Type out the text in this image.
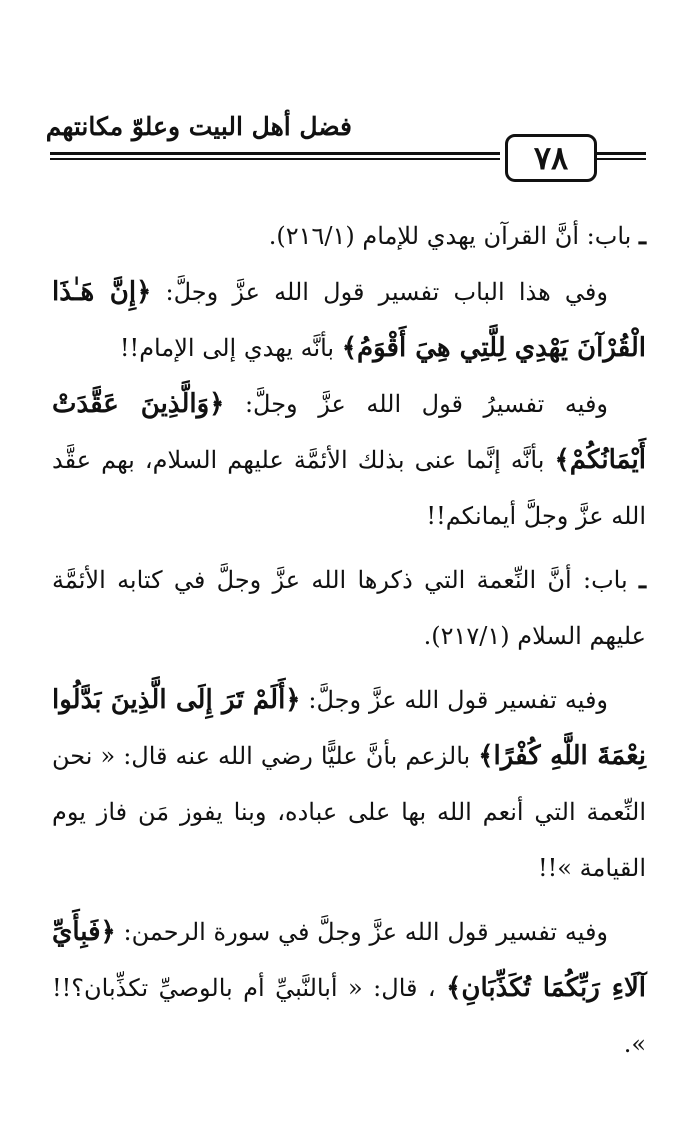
فضل أهل البيت وعلوّ مكانتهم
٧٨

ـ باب: أنَّ القرآن يهدي للإمام (٢١٦/١).

وفي هذا الباب تفسير قول الله عزَّ وجلَّ: ﴿إِنَّ هَـٰذَا الْقُرْآنَ يَهْدِي لِلَّتِي هِيَ أَقْوَمُ﴾ بأنَّه يهدي إلى الإمام!!

وفيه تفسيرُ قول الله عزَّ وجلَّ: ﴿وَالَّذِينَ عَقَّدَتْ أَيْمَانُكُمْ﴾ بأنَّه إنَّما عنى بذلك الأئمَّة عليهم السلام، بهم عقَّد الله عزَّ وجلَّ أيمانكم!!

ـ باب: أنَّ النِّعمة التي ذكرها الله عزَّ وجلَّ في كتابه الأئمَّة عليهم السلام (٢١٧/١).

وفيه تفسير قول الله عزَّ وجلَّ: ﴿أَلَمْ تَرَ إِلَى الَّذِينَ بَدَّلُوا نِعْمَةَ اللَّهِ كُفْرًا﴾ بالزعم بأنَّ عليًّا رضي الله عنه قال: « نحن النِّعمة التي أنعم الله بها على عباده، وبنا يفوز مَن فاز يوم القيامة »!!

وفيه تفسير قول الله عزَّ وجلَّ في سورة الرحمن: ﴿فَبِأَيِّ آلَاءِ رَبِّكُمَا تُكَذِّبَانِ﴾ ، قال: « أبالنَّبيِّ أم بالوصيِّ تكذِّبان؟!! ».
